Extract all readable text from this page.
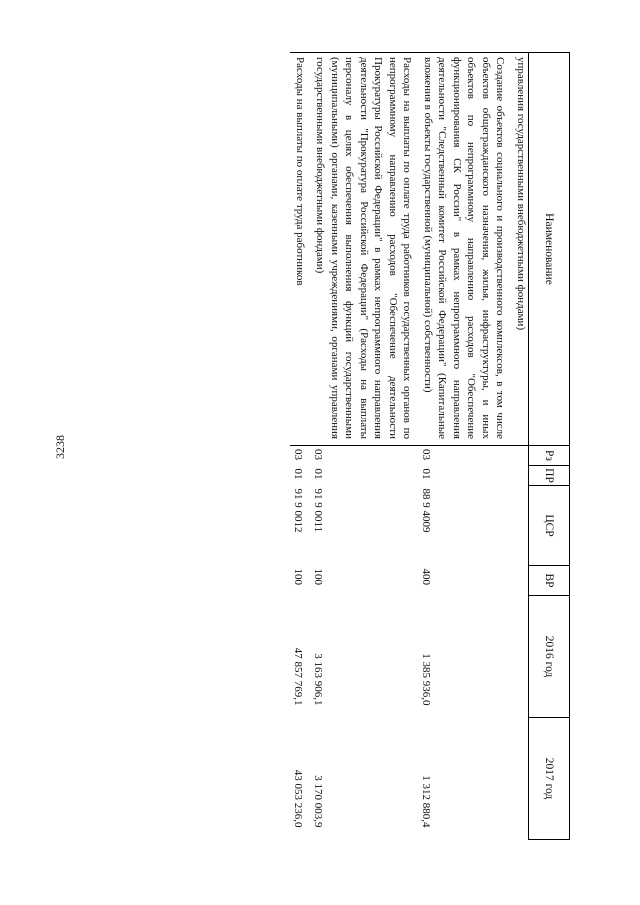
3238
Наименование	Рз	ПР	ЦСР	ВР	2016 год	2017 год
управления государственными внебюджетными фондами)						
Создание объектов социального и производственного комплексов, в том числе объектов общегражданского назначения, жилья, инфраструктуры, и иных объектов по непрограммному направлению расходов "Обеспечение функционирования СК России" в рамках непрограммного направления деятельности "Следственный комитет Российской Федерации" (Капитальные вложения в объекты государственной (муниципальной) собственности)	03	01	88 9 4009	400	1 385 936,0	1 312 880,4
Расходы на выплаты по оплате труда работников государственных органов по непрограммному направлению расходов "Обеспечение деятельности Прокуратуры Российской Федерации" в рамках непрограммного направления деятельности "Прокуратура Российской Федерации" (Расходы на выплаты персоналу в целях обеспечения выполнения функций государственными (муниципальными) органами, казенными учреждениями, органами управления государственными внебюджетными фондами)	03	01	91 9 0011	100	3 163 906,1	3 170 003,9
Расходы на выплаты по оплате труда работников	03	01	91 9 0012	100	47 857 769,1	43 053 236,0
